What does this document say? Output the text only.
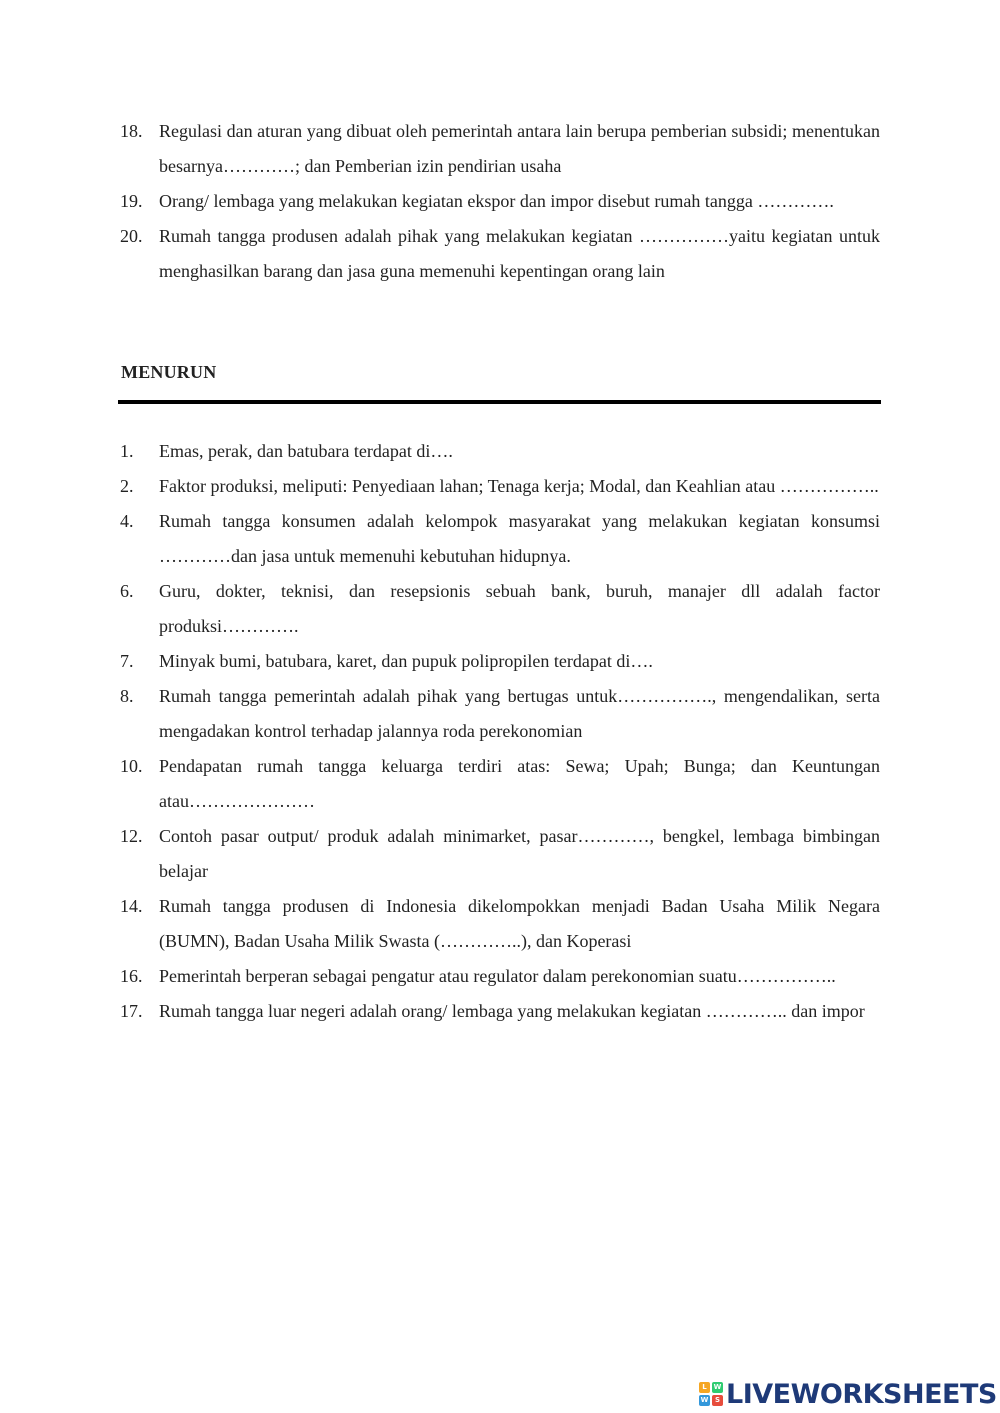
18. Regulasi dan aturan yang dibuat oleh pemerintah antara lain berupa pemberian subsidi; menentukan besarnya…………; dan Pemberian izin pendirian usaha
19. Orang/ lembaga yang melakukan kegiatan ekspor dan impor disebut rumah tangga ………….
20. Rumah tangga produsen adalah pihak yang melakukan kegiatan ……………yaitu kegiatan untuk menghasilkan barang dan jasa guna memenuhi kepentingan orang lain
MENURUN
1.	Emas, perak, dan batubara terdapat di….
2.	Faktor produksi, meliputi: Penyediaan lahan; Tenaga kerja; Modal, dan Keahlian atau ……………..
4.	Rumah tangga konsumen adalah kelompok masyarakat yang melakukan kegiatan konsumsi …………dan jasa untuk memenuhi kebutuhan hidupnya.
6.	Guru, dokter, teknisi, dan resepsionis sebuah bank, buruh, manajer dll adalah factor produksi………….
7.	Minyak bumi, batubara, karet, dan pupuk polipropilen terdapat di….
8.	Rumah tangga pemerintah adalah pihak yang bertugas untuk……………., mengendalikan, serta mengadakan kontrol terhadap jalannya roda perekonomian
10. Pendapatan rumah tangga keluarga terdiri atas: Sewa; Upah; Bunga; dan Keuntungan atau…………………
12. Contoh pasar output/ produk adalah minimarket, pasar…………, bengkel, lembaga bimbingan belajar
14. Rumah tangga produsen di Indonesia dikelompokkan menjadi Badan Usaha Milik Negara (BUMN), Badan Usaha Milik Swasta (…………..), dan Koperasi
16. Pemerintah berperan sebagai pengatur atau regulator dalam perekonomian suatu……………..
17. Rumah tangga luar negeri adalah orang/ lembaga yang melakukan kegiatan ………….. dan impor
L W
W S LIVEWORKSHEETS
